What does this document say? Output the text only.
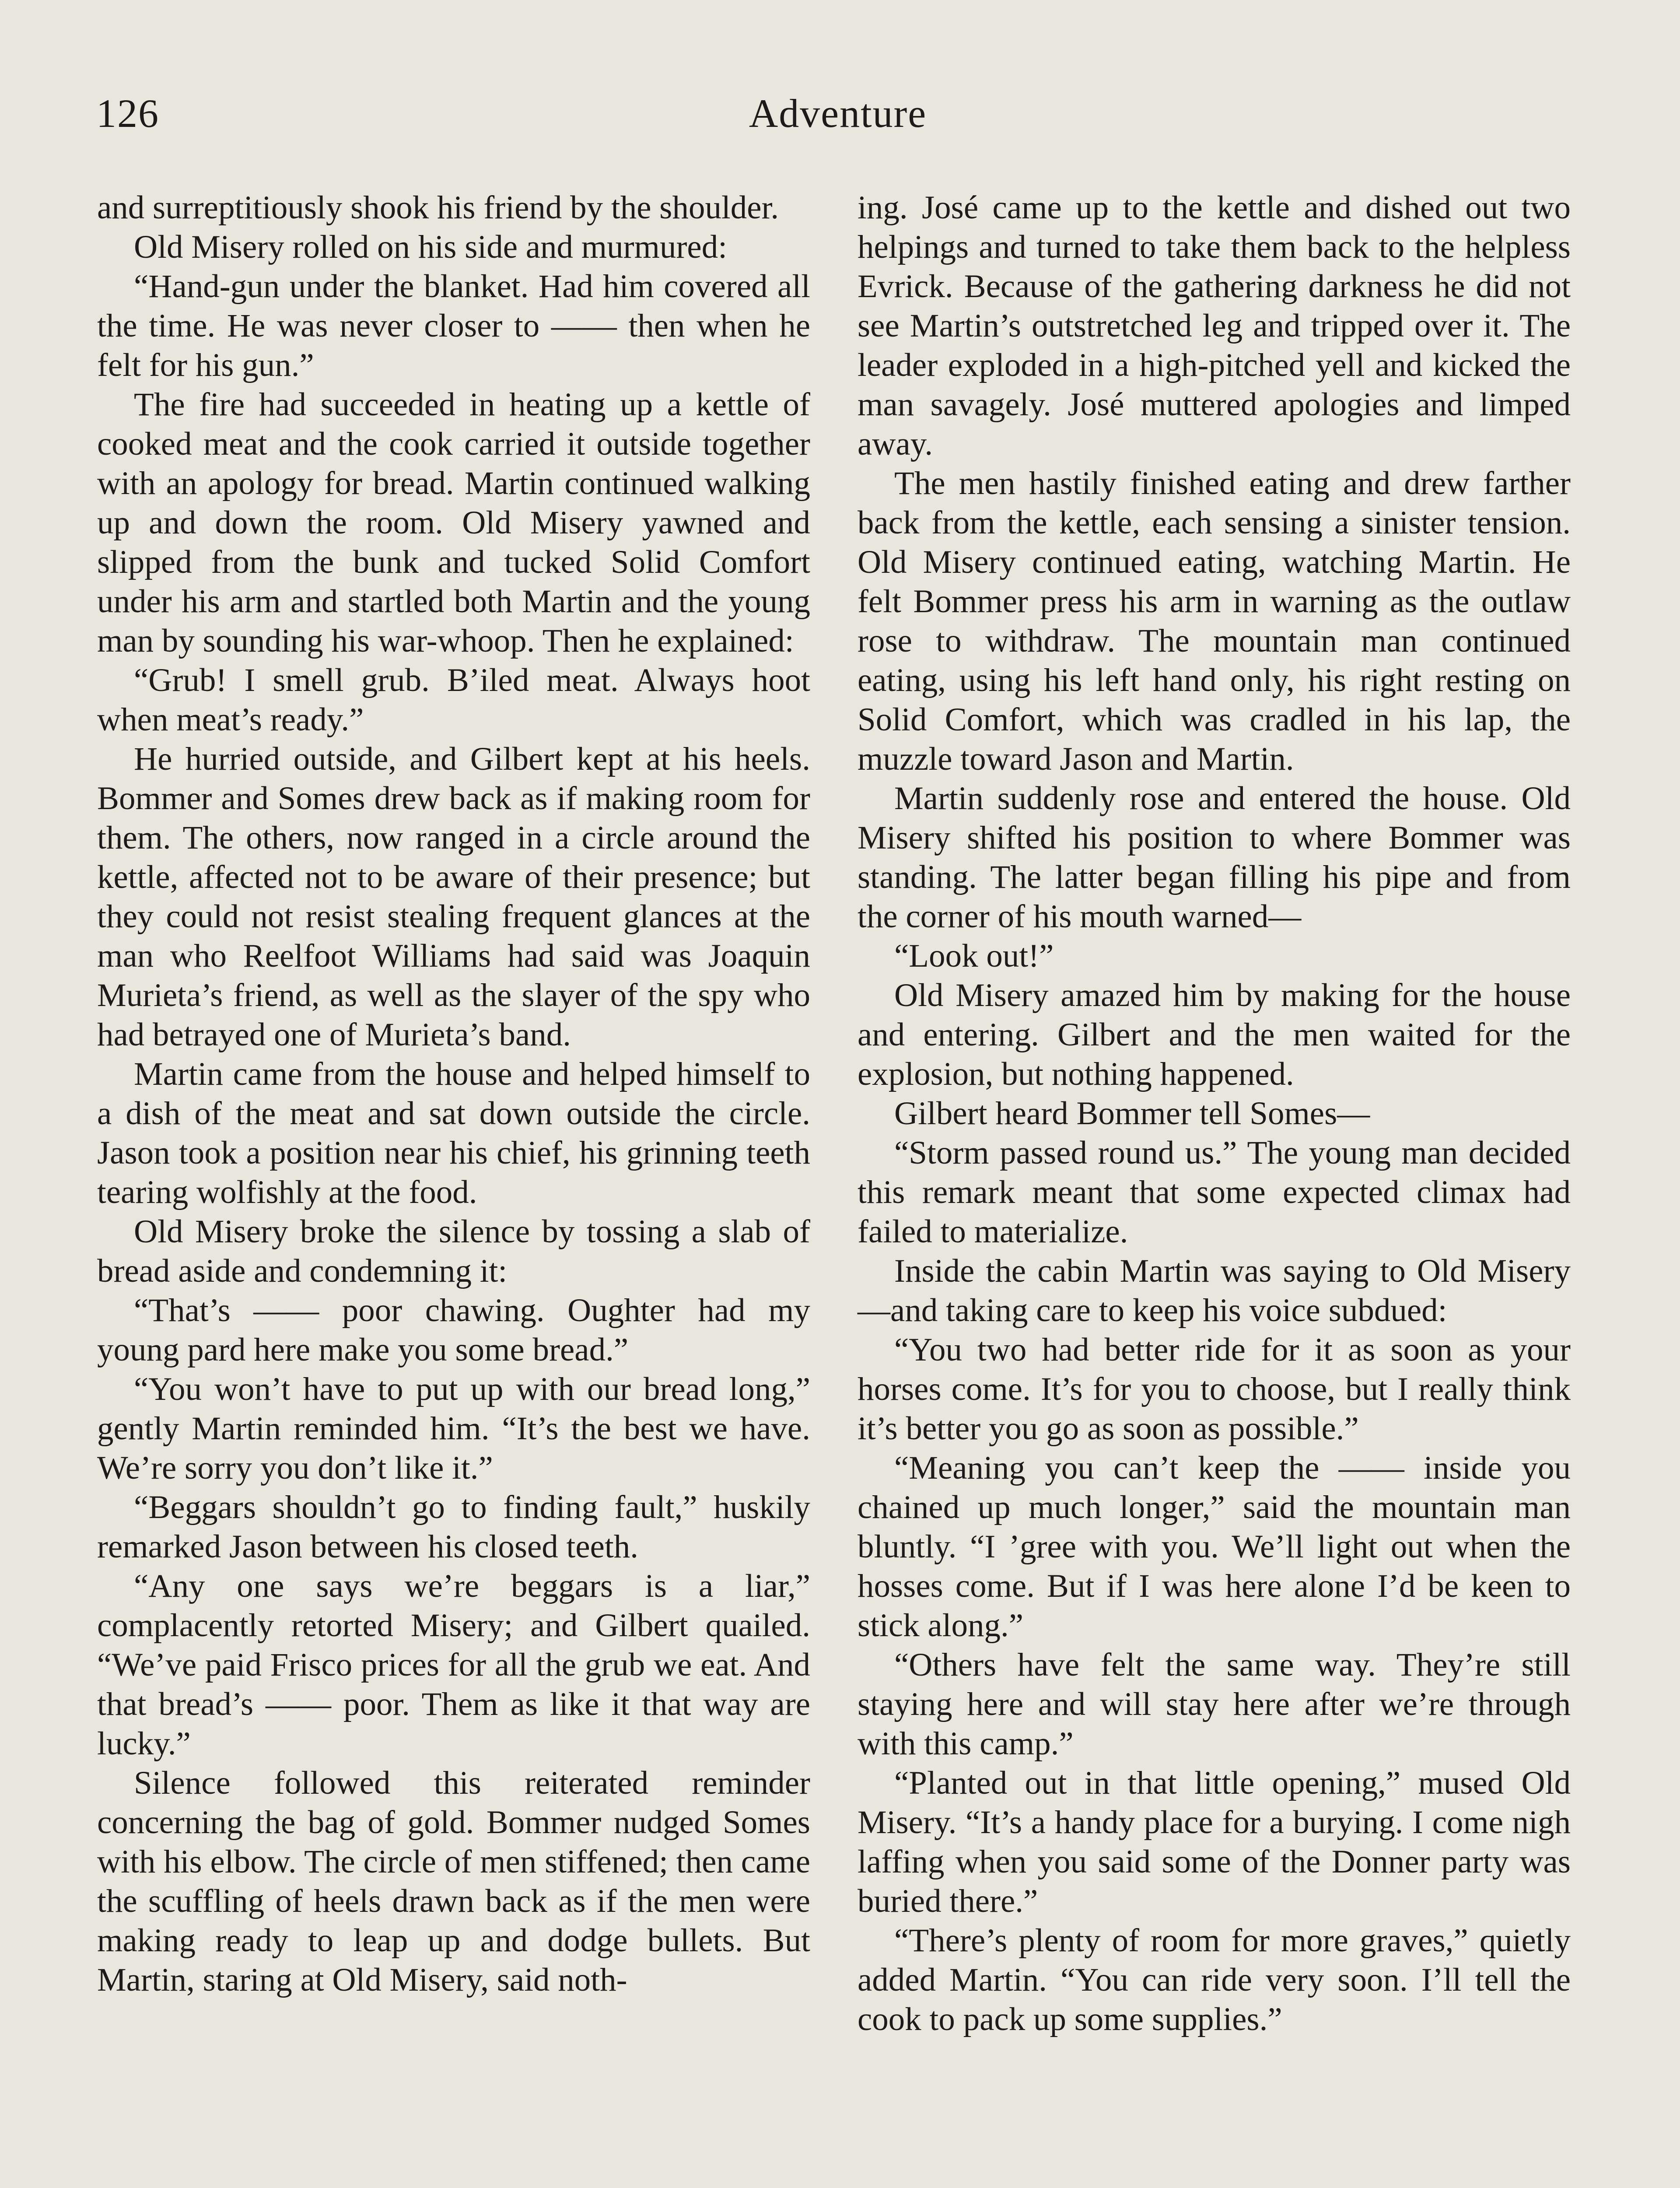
126	Adventure

and surreptitiously shook his friend by the shoulder.

Old Misery rolled on his side and murmured:

“Hand-gun under the blanket. Had him covered all the time. He was never closer to —— then when he felt for his gun.”

The fire had succeeded in heating up a kettle of cooked meat and the cook carried it outside together with an apology for bread. Martin continued walking up and down the room. Old Misery yawned and slipped from the bunk and tucked Solid Comfort under his arm and startled both Martin and the young man by sounding his war-whoop. Then he explained:

“Grub! I smell grub. B’iled meat. Always hoot when meat’s ready.”

He hurried outside, and Gilbert kept at his heels. Bommer and Somes drew back as if making room for them. The others, now ranged in a circle around the kettle, affected not to be aware of their presence; but they could not resist stealing frequent glances at the man who Reelfoot Williams had said was Joaquin Murieta’s friend, as well as the slayer of the spy who had betrayed one of Murieta’s band.

Martin came from the house and helped himself to a dish of the meat and sat down outside the circle. Jason took a position near his chief, his grinning teeth tearing wolfishly at the food.

Old Misery broke the silence by tossing a slab of bread aside and condemning it:

“That’s —— poor chawing. Oughter had my young pard here make you some bread.”

“You won’t have to put up with our bread long,” gently Martin reminded him. “It’s the best we have. We’re sorry you don’t like it.”

“Beggars shouldn’t go to finding fault,” huskily remarked Jason between his closed teeth.

“Any one says we’re beggars is a liar,” complacently retorted Misery; and Gilbert quailed. “We’ve paid Frisco prices for all the grub we eat. And that bread’s —— poor. Them as like it that way are lucky.”

Silence followed this reiterated reminder concerning the bag of gold. Bommer nudged Somes with his elbow. The circle of men stiffened; then came the scuffling of heels drawn back as if the men were making ready to leap up and dodge bullets. But Martin, staring at Old Misery, said noth-

ing. José came up to the kettle and dished out two helpings and turned to take them back to the helpless Evrick. Because of the gathering darkness he did not see Martin’s outstretched leg and tripped over it. The leader exploded in a high-pitched yell and kicked the man savagely. José muttered apologies and limped away.

The men hastily finished eating and drew farther back from the kettle, each sensing a sinister tension. Old Misery continued eating, watching Martin. He felt Bommer press his arm in warning as the outlaw rose to withdraw. The mountain man continued eating, using his left hand only, his right resting on Solid Comfort, which was cradled in his lap, the muzzle toward Jason and Martin.

Martin suddenly rose and entered the house. Old Misery shifted his position to where Bommer was standing. The latter began filling his pipe and from the corner of his mouth warned—

“Look out!”

Old Misery amazed him by making for the house and entering. Gilbert and the men waited for the explosion, but nothing happened.

Gilbert heard Bommer tell Somes—

“Storm passed round us.” The young man decided this remark meant that some expected climax had failed to materialize.

Inside the cabin Martin was saying to Old Misery—and taking care to keep his voice subdued:

“You two had better ride for it as soon as your horses come. It’s for you to choose, but I really think it’s better you go as soon as possible.”

“Meaning you can’t keep the —— inside you chained up much longer,” said the mountain man bluntly. “I ’gree with you. We’ll light out when the hosses come. But if I was here alone I’d be keen to stick along.”

“Others have felt the same way. They’re still staying here and will stay here after we’re through with this camp.”

“Planted out in that little opening,” mused Old Misery. “It’s a handy place for a burying. I come nigh laffing when you said some of the Donner party was buried there.”

“There’s plenty of room for more graves,” quietly added Martin. “You can ride very soon. I’ll tell the cook to pack up some supplies.”
